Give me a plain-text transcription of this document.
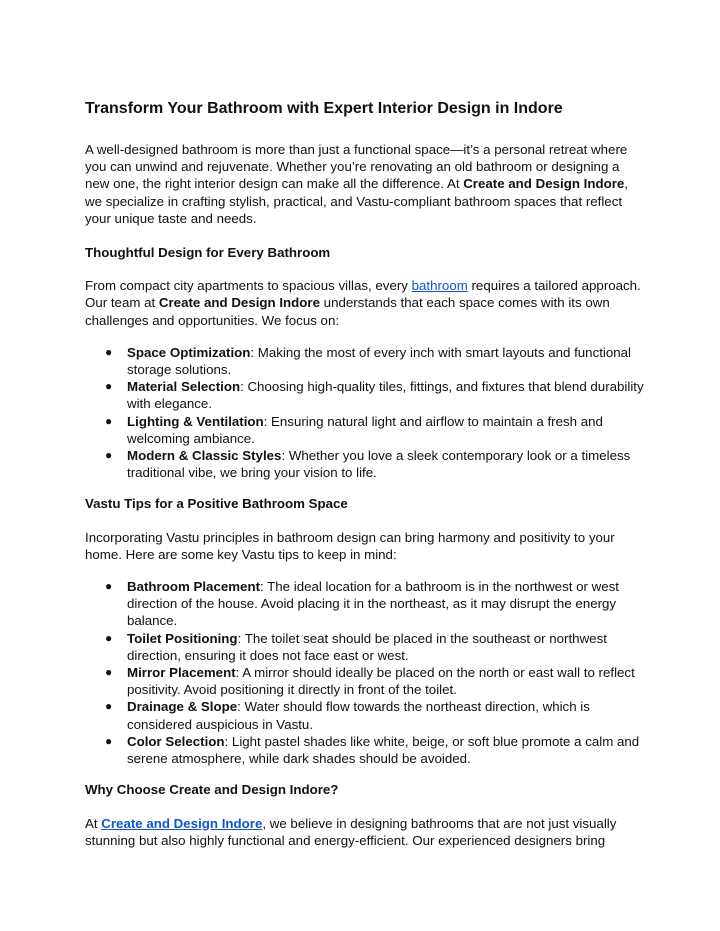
Transform Your Bathroom with Expert Interior Design in Indore

A well-designed bathroom is more than just a functional space—it’s a personal retreat where you can unwind and rejuvenate. Whether you’re renovating an old bathroom or designing a new one, the right interior design can make all the difference. At Create and Design Indore, we specialize in crafting stylish, practical, and Vastu-compliant bathroom spaces that reflect your unique taste and needs.

Thoughtful Design for Every Bathroom

From compact city apartments to spacious villas, every bathroom requires a tailored approach. Our team at Create and Design Indore understands that each space comes with its own challenges and opportunities. We focus on:

● Space Optimization: Making the most of every inch with smart layouts and functional storage solutions.
● Material Selection: Choosing high-quality tiles, fittings, and fixtures that blend durability with elegance.
● Lighting & Ventilation: Ensuring natural light and airflow to maintain a fresh and welcoming ambiance.
● Modern & Classic Styles: Whether you love a sleek contemporary look or a timeless traditional vibe, we bring your vision to life.
Vastu Tips for a Positive Bathroom Space

Incorporating Vastu principles in bathroom design can bring harmony and positivity to your home. Here are some key Vastu tips to keep in mind:

● Bathroom Placement: The ideal location for a bathroom is in the northwest or west direction of the house. Avoid placing it in the northeast, as it may disrupt the energy balance.
● Toilet Positioning: The toilet seat should be placed in the southeast or northwest direction, ensuring it does not face east or west.
● Mirror Placement: A mirror should ideally be placed on the north or east wall to reflect positivity. Avoid positioning it directly in front of the toilet.
● Drainage & Slope: Water should flow towards the northeast direction, which is considered auspicious in Vastu.
● Color Selection: Light pastel shades like white, beige, or soft blue promote a calm and serene atmosphere, while dark shades should be avoided.
Why Choose Create and Design Indore?

At Create and Design Indore, we believe in designing bathrooms that are not just visually stunning but also highly functional and energy-efficient. Our experienced designers bring
